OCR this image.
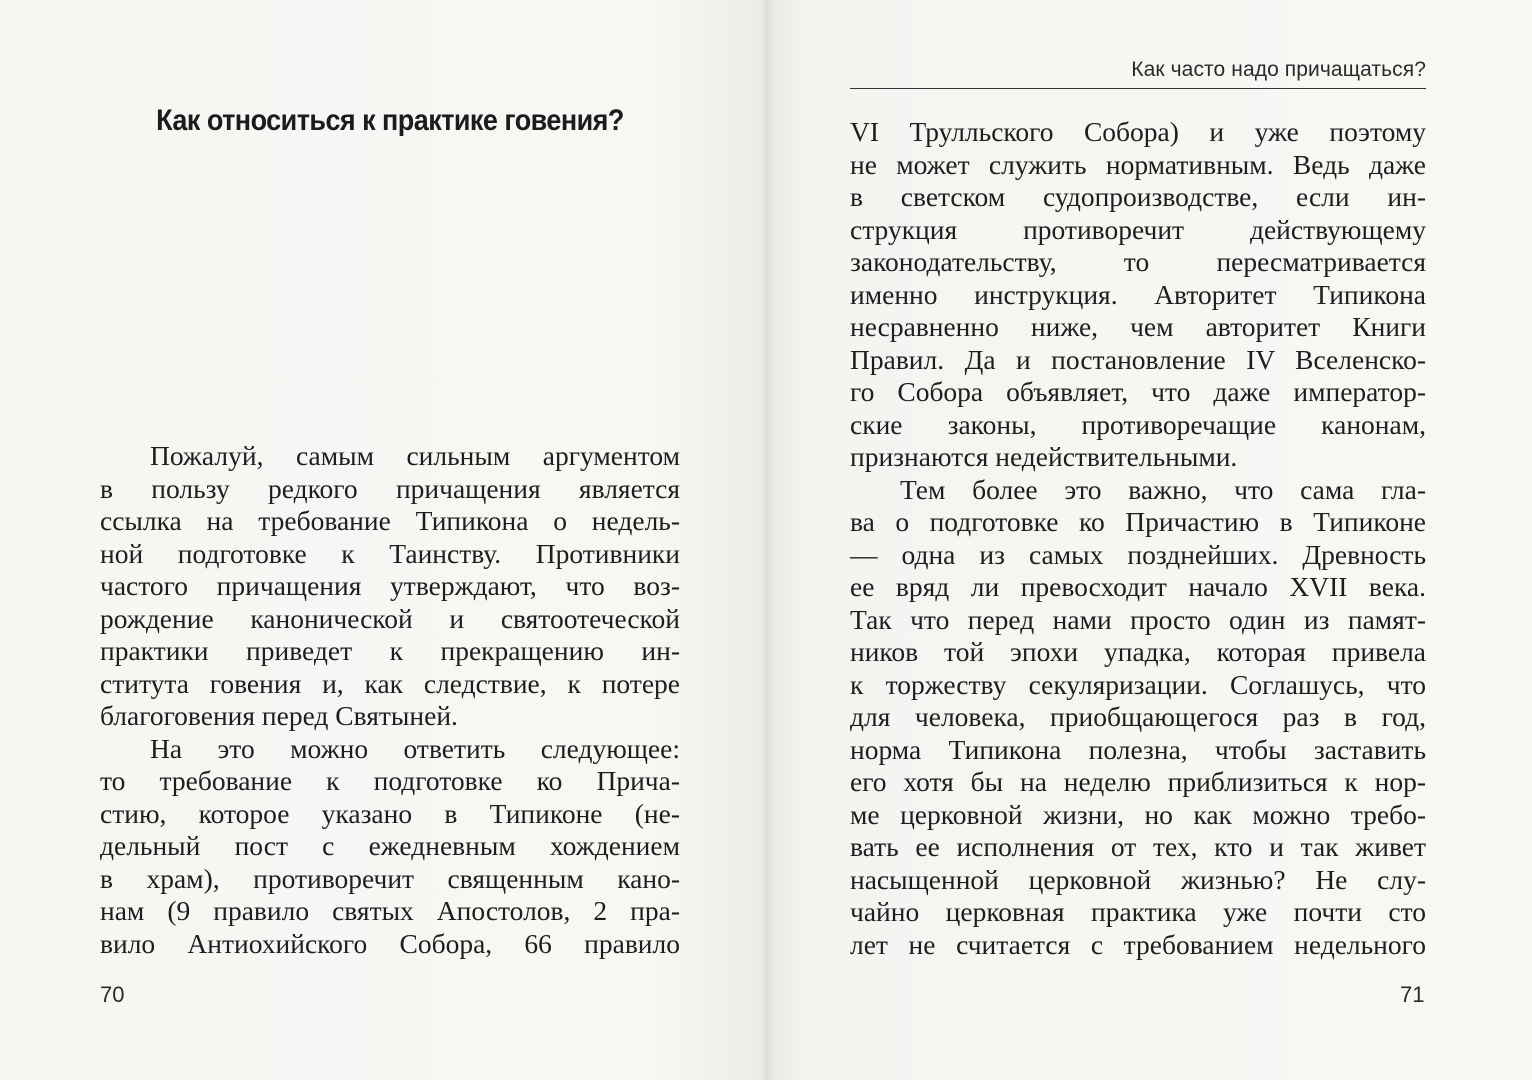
Как часто надо причащаться?
Как относиться к практике говения?
Пожалуй, самым сильным аргументом
в пользу редкого причащения является
ссылка на требование Типикона о недель-
ной подготовке к Таинству. Противники
частого причащения утверждают, что воз-
рождение канонической и святоотеческой
практики приведет к прекращению ин-
ститута говения и, как следствие, к потере
благоговения перед Святыней.
На это можно ответить следующее:
то требование к подготовке ко Прича-
стию, которое указано в Типиконе (не-
дельный пост с ежедневным хождением
в храм), противоречит священным кано-
нам (9 правило святых Апостолов, 2 пра-
вило Антиохийского Собора, 66 правило
VI Трулльского Собора) и уже поэтому
не может служить нормативным. Ведь даже
в светском судопроизводстве, если ин-
струкция противоречит действующему
законодательству, то пересматривается
именно инструкция. Авторитет Типикона
несравненно ниже, чем авторитет Книги
Правил. Да и постановление IV Вселенско-
го Собора объявляет, что даже император-
ские законы, противоречащие канонам,
признаются недействительными.
Тем более это важно, что сама гла-
ва о подготовке ко Причастию в Типиконе
— одна из самых позднейших. Древность
ее вряд ли превосходит начало XVII века.
Так что перед нами просто один из памят-
ников той эпохи упадка, которая привела
к торжеству секуляризации. Соглашусь, что
для человека, приобщающегося раз в год,
норма Типикона полезна, чтобы заставить
его хотя бы на неделю приблизиться к нор-
ме церковной жизни, но как можно требо-
вать ее исполнения от тех, кто и так живет
насыщенной церковной жизнью? Не слу-
чайно церковная практика уже почти сто
лет не считается с требованием недельного
70	71
